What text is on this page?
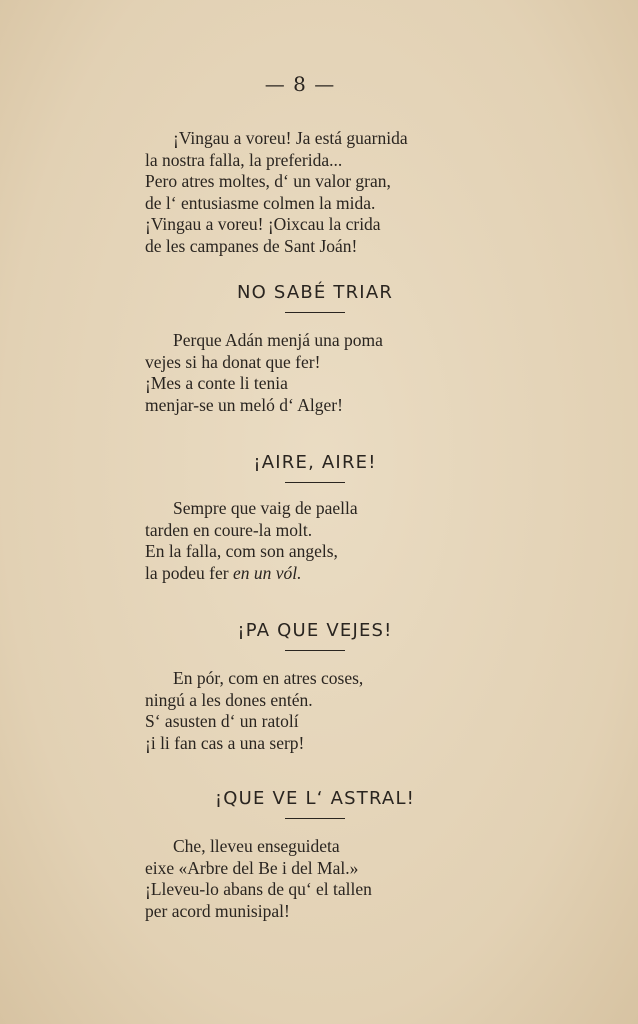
— 8 —
¡Vingau a voreu! Ja está guarnida
la nostra falla, la preferida...
Pero atres moltes, d‘ un valor gran,
de l‘ entusiasme colmen la mida.
¡Vingau a voreu! ¡Oixcau la crida
de les campanes de Sant Joán!
NO SABÉ TRIAR
Perque Adán menjá una poma
vejes si ha donat que fer!
¡Mes a conte li tenia
menjar-se un meló d‘ Alger!
¡AIRE, AIRE!
Sempre que vaig de paella
tarden en coure-la molt.
En la falla, com son angels,
la podeu fer en un vól.
¡PA QUE VEJES!
En pór, com en atres coses,
ningú a les dones entén.
S‘ asusten d‘ un ratolí
¡i li fan cas a una serp!
¡QUE VE L‘ ASTRAL!
Che, lleveu enseguideta
eixe «Arbre del Be i del Mal.»
¡Lleveu-lo abans de qu‘ el tallen
per acord munisipal!
